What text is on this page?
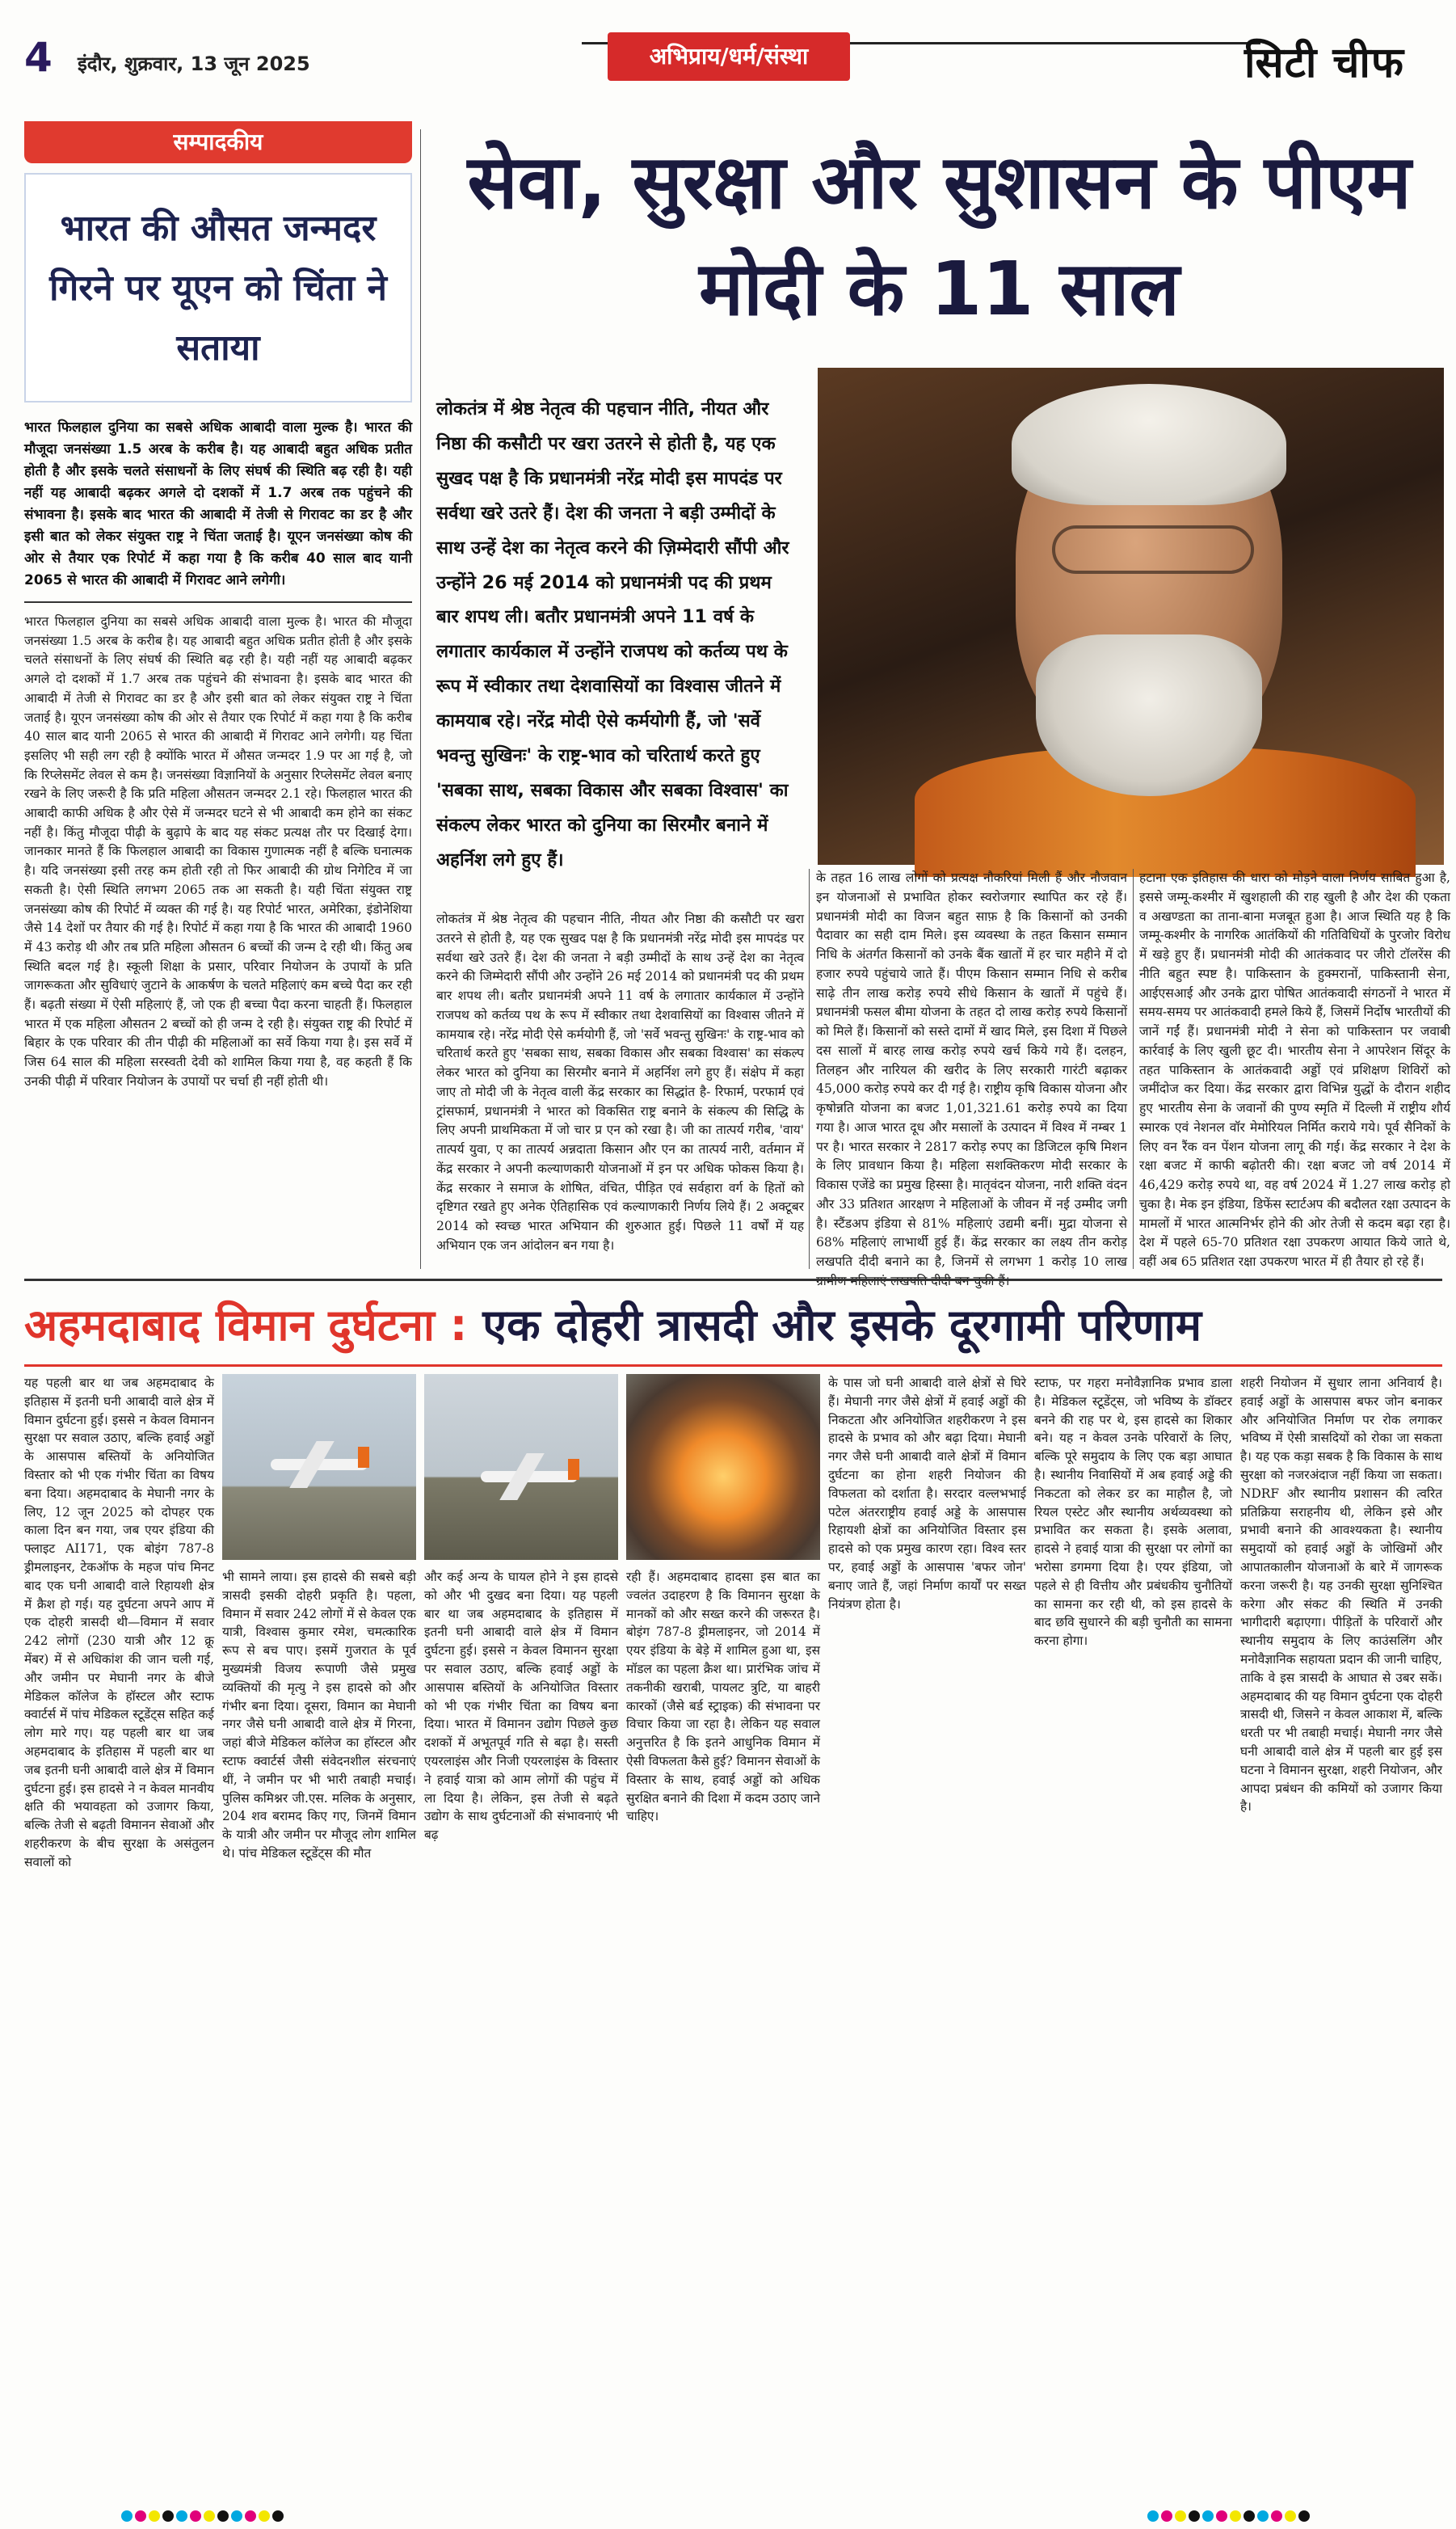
4 इंदौर, शुक्रवार, 13 जून 2025	अभिप्राय/धर्म/संस्था	सिटी चीफ
सम्पादकीय
भारत की औसत जन्मदर गिरने पर यूएन को चिंता ने सताया
भारत फिलहाल दुनिया का सबसे अधिक आबादी वाला मुल्क है। भारत की मौजूदा जनसंख्या 1.5 अरब के करीब है। यह आबादी बहुत अधिक प्रतीत होती है और इसके चलते संसाधनों के लिए संघर्ष की स्थिति बढ़ रही है। यही नहीं यह आबादी बढ़कर अगले दो दशकों में 1.7 अरब तक पहुंचने की संभावना है। इसके बाद भारत की आबादी में तेजी से गिरावट का डर है और इसी बात को लेकर संयुक्त राष्ट्र ने चिंता जताई है। यूएन जनसंख्या कोष की ओर से तैयार एक रिपोर्ट में कहा गया है कि करीब 40 साल बाद यानी 2065 से भारत की आबादी में गिरावट आने लगेगी।
भारत फिलहाल दुनिया का सबसे अधिक आबादी वाला मुल्क है। भारत की मौजूदा जनसंख्या 1.5 अरब के करीब है। यह आबादी बहुत अधिक प्रतीत होती है और इसके चलते संसाधनों के लिए संघर्ष की स्थिति बढ़ रही है। यही नहीं यह आबादी बढ़कर अगले दो दशकों में 1.7 अरब तक पहुंचने की संभावना है। इसके बाद भारत की आबादी में तेजी से गिरावट का डर है और इसी बात को लेकर संयुक्त राष्ट्र ने चिंता जताई है। यूएन जनसंख्या कोष की ओर से तैयार एक रिपोर्ट में कहा गया है कि करीब 40 साल बाद यानी 2065 से भारत की आबादी में गिरावट आने लगेगी। यह चिंता इसलिए भी सही लग रही है क्योंकि भारत में औसत जन्मदर 1.9 पर आ गई है, जो कि रिप्लेसमेंट लेवल से कम है। जनसंख्या विज्ञानियों के अनुसार रिप्लेसमेंट लेवल बनाए रखने के लिए जरूरी है कि प्रति महिला औसतन जन्मदर 2.1 रहे। फिलहाल भारत की आबादी काफी अधिक है और ऐसे में जन्मदर घटने से भी आबादी कम होने का संकट नहीं है। किंतु मौजूदा पीढ़ी के बुढ़ापे के बाद यह संकट प्रत्यक्ष तौर पर दिखाई देगा। जानकार मानते हैं कि फिलहाल आबादी का विकास गुणात्मक नहीं है बल्कि घनात्मक है। यदि जनसंख्या इसी तरह कम होती रही तो फिर आबादी की ग्रोथ निगेटिव में जा सकती है। ऐसी स्थिति लगभग 2065 तक आ सकती है। यही चिंता संयुक्त राष्ट्र जनसंख्या कोष की रिपोर्ट में व्यक्त की गई है। यह रिपोर्ट भारत, अमेरिका, इंडोनेशिया जैसे 14 देशों पर तैयार की गई है। रिपोर्ट में कहा गया है कि भारत की आबादी 1960 में 43 करोड़ थी और तब प्रति महिला औसतन 6 बच्चों की जन्म दे रही थी। किंतु अब स्थिति बदल गई है। स्कूली शिक्षा के प्रसार, परिवार नियोजन के उपायों के प्रति जागरूकता और सुविधाएं जुटाने के आकर्षण के चलते महिलाएं कम बच्चे पैदा कर रही हैं। बढ़ती संख्या में ऐसी महिलाएं हैं, जो एक ही बच्चा पैदा करना चाहती हैं। फिलहाल भारत में एक महिला औसतन 2 बच्चों को ही जन्म दे रही है। संयुक्त राष्ट्र की रिपोर्ट में बिहार के एक परिवार की तीन पीढ़ी की महिलाओं का सर्वे किया गया है। इस सर्वे में जिस 64 साल की महिला सरस्वती देवी को शामिल किया गया है, वह कहती हैं कि उनकी पीढ़ी में परिवार नियोजन के उपायों पर चर्चा ही नहीं होती थी।
सेवा, सुरक्षा और सुशासन के पीएम मोदी के 11 साल
लोकतंत्र में श्रेष्ठ नेतृत्व की पहचान नीति, नीयत और निष्ठा की कसौटी पर खरा उतरने से होती है, यह एक सुखद पक्ष है कि प्रधानमंत्री नरेंद्र मोदी इस मापदंड पर सर्वथा खरे उतरे हैं। देश की जनता ने बड़ी उम्मीदों के साथ उन्हें देश का नेतृत्व करने की ज़िम्मेदारी सौंपी और उन्होंने 26 मई 2014 को प्रधानमंत्री पद की प्रथम बार शपथ ली। बतौर प्रधानमंत्री अपने 11 वर्ष के लगातार कार्यकाल में उन्होंने राजपथ को कर्तव्य पथ के रूप में स्वीकार तथा देशवासियों का विश्वास जीतने में कामयाब रहे। नरेंद्र मोदी ऐसे कर्मयोगी हैं, जो 'सर्वे भवन्तु सुखिनः' के राष्ट्र-भाव को चरितार्थ करते हुए 'सबका साथ, सबका विकास और सबका विश्वास' का संकल्प लेकर भारत को दुनिया का सिरमौर बनाने में अहर्निश लगे हुए हैं।
लोकतंत्र में श्रेष्ठ नेतृत्व की पहचान नीति, नीयत और निष्ठा की कसौटी पर खरा उतरने से होती है, यह एक सुखद पक्ष है कि प्रधानमंत्री नरेंद्र मोदी इस मापदंड पर सर्वथा खरे उतरे हैं। देश की जनता ने बड़ी उम्मीदों के साथ उन्हें देश का नेतृत्व करने की जिम्मेदारी सौंपी और उन्होंने 26 मई 2014 को प्रधानमंत्री पद की प्रथम बार शपथ ली। बतौर प्रधानमंत्री अपने 11 वर्ष के लगातार कार्यकाल में उन्होंने राजपथ को कर्तव्य पथ के रूप में स्वीकार तथा देशवासियों का विश्वास जीतने में कामयाब रहे। नरेंद्र मोदी ऐसे कर्मयोगी हैं, जो 'सर्वे भवन्तु सुखिनः' के राष्ट्र-भाव को चरितार्थ करते हुए 'सबका साथ, सबका विकास और सबका विश्वास' का संकल्प लेकर भारत को दुनिया का सिरमौर बनाने में अहर्निश लगे हुए हैं। संक्षेप में कहा जाए तो मोदी जी के नेतृत्व वाली केंद्र सरकार का सिद्धांत है- रिफार्म, परफार्म एवं ट्रांसफार्म, प्रधानमंत्री ने भारत को विकसित राष्ट्र बनाने के संकल्प की सिद्धि के लिए अपनी प्राथमिकता में जो चार प्र एन को रखा है। जी का तात्पर्य गरीब, 'वाय' तात्पर्य युवा, ए का तात्पर्य अन्नदाता किसान और एन का तात्पर्य नारी, वर्तमान में केंद्र सरकार ने अपनी कल्याणकारी योजनाओं में इन पर अधिक फोकस किया है। केंद्र सरकार ने समाज के शोषित, वंचित, पीड़ित एवं सर्वहारा वर्ग के हितों को दृष्टिगत रखते हुए अनेक ऐतिहासिक एवं कल्याणकारी निर्णय लिये हैं। 2 अक्टूबर 2014 को स्वच्छ भारत अभियान की शुरुआत हुई। पिछले 11 वर्षों में यह अभियान एक जन आंदोलन बन गया है।
के तहत 16 लाख लोगों को प्रत्यक्ष नौकरियां मिली हैं और नौजवान इन योजनाओं से प्रभावित होकर स्वरोजगार स्थापित कर रहे हैं। प्रधानमंत्री मोदी का विजन बहुत साफ़ है कि किसानों को उनकी पैदावार का सही दाम मिले। इस व्यवस्था के तहत किसान सम्मान निधि के अंतर्गत किसानों को उनके बैंक खातों में हर चार महीने में दो हजार रुपये पहुंचाये जाते हैं। पीएम किसान सम्मान निधि से करीब साढ़े तीन लाख करोड़ रुपये सीधे किसान के खातों में पहुंचे हैं। प्रधानमंत्री फसल बीमा योजना के तहत दो लाख करोड़ रुपये किसानों को मिले हैं। किसानों को सस्ते दामों में खाद मिले, इस दिशा में पिछले दस सालों में बारह लाख करोड़ रुपये खर्च किये गये हैं। दलहन, तिलहन और नारियल की खरीद के लिए सरकारी गारंटी बढ़ाकर 45,000 करोड़ रुपये कर दी गई है। राष्ट्रीय कृषि विकास योजना और कृषोन्नति योजना का बजट 1,01,321.61 करोड़ रुपये का दिया गया है। आज भारत दूध और मसालों के उत्पादन में विश्व में नम्बर 1 पर है। भारत सरकार ने 2817 करोड़ रुपए का डिजिटल कृषि मिशन के लिए प्रावधान किया है। महिला सशक्तिकरण मोदी सरकार के विकास एजेंडे का प्रमुख हिस्सा है। मातृवंदन योजना, नारी शक्ति वंदन और 33 प्रतिशत आरक्षण ने महिलाओं के जीवन में नई उम्मीद जगी है। स्टैंडअप इंडिया से 81% महिलाएं उद्यमी बनीं। मुद्रा योजना से 68% महिलाएं लाभार्थी हुई हैं। केंद्र सरकार का लक्ष्य तीन करोड़ लखपति दीदी बनाने का है, जिनमें से लगभग 1 करोड़ 10 लाख
हटाना एक इतिहास की धारा को मोड़ने वाला निर्णय साबित हुआ है, इससे जम्मू-कश्मीर में खुशहाली की राह खुली है और देश की एकता व अखण्डता का ताना-बाना मजबूत हुआ है। आज स्थिति यह है कि जम्मू-कश्मीर के नागरिक आतंकियों की गतिविधियों के पुरजोर विरोध में खड़े हुए हैं। प्रधानमंत्री मोदी की आतंकवाद पर जीरो टॉलरेंस की नीति बहुत स्पष्ट है। पाकिस्तान के हुक्मरानों, पाकिस्तानी सेना, आईएसआई और उनके द्वारा पोषित आतंकवादी संगठनों ने भारत में समय-समय पर आतंकवादी हमले किये हैं, जिसमें निर्दोष भारतीयों की जानें गईं हैं। प्रधानमंत्री मोदी ने सेना को पाकिस्तान पर जवाबी कार्रवाई के लिए खुली छूट दी। भारतीय सेना ने आपरेशन सिंदूर के तहत पाकिस्तान के आतंकवादी अड्डों एवं प्रशिक्षण शिविरों को जमींदोज कर दिया। केंद्र सरकार द्वारा विभिन्न युद्धों के दौरान शहीद हुए भारतीय सेना के जवानों की पुण्य स्मृति में दिल्ली में राष्ट्रीय शौर्य स्मारक एवं नेशनल वॉर मेमोरियल निर्मित कराये गये। पूर्व सैनिकों के लिए वन रैंक वन पेंशन योजना लागू की गई। केंद्र सरकार ने देश के रक्षा बजट में काफी बढ़ोतरी की। रक्षा बजट जो वर्ष 2014 में 46,429 करोड़ रुपये था, वह वर्ष 2024 में 1.27 लाख करोड़ हो चुका है। मेक इन इंडिया, डिफेंस स्टार्टअप की बदौलत रक्षा उत्पादन के मामलों में भारत आत्मनिर्भर होने की ओर तेजी से कदम बढ़ा रहा है। देश में पहले 65-70 प्रतिशत रक्षा उपकरण आयात किये जाते थे, वहीं अब 65 प्रतिशत रक्षा उपकरण भारत में ही तैयार हो रहे हैं।
अहमदाबाद विमान दुर्घटना : एक दोहरी त्रासदी और इसके दूरगामी परिणाम
यह पहली बार था जब अहमदाबाद के इतिहास में इतनी घनी आबादी वाले क्षेत्र में विमान दुर्घटना हुई। इससे न केवल विमानन सुरक्षा पर सवाल उठाए, बल्कि हवाई अड्डों के आसपास बस्तियों के अनियोजित विस्तार को भी एक गंभीर चिंता का विषय बना दिया। अहमदाबाद के मेघानी नगर के लिए, 12 जून 2025 को दोपहर एक काला दिन बन गया, जब एयर इंडिया की फ्लाइट AI171, एक बोइंग 787-8 ड्रीमलाइनर, टेकऑफ के महज पांच मिनट बाद एक घनी आबादी वाले रिहायशी क्षेत्र में क्रैश हो गई। यह दुर्घटना अपने आप में एक दोहरी त्रासदी थी—विमान में सवार 242 लोगों (230 यात्री और 12 क्रू मेंबर) में से अधिकांश की जान चली गई, और जमीन पर मेघानी नगर के बीजे मेडिकल कॉलेज के हॉस्टल और स्टाफ क्वार्टर्स में पांच मेडिकल स्टूडेंट्स सहित कई लोग मारे गए। यह पहली बार था जब अहमदाबाद के इतिहास में पहली बार था जब इतनी घनी आबादी वाले क्षेत्र में विमान दुर्घटना हुई। इस हादसे ने न केवल मानवीय क्षति की भयावहता को उजागर किया, बल्कि तेजी से बढ़ती विमानन सेवाओं और शहरीकरण के बीच सुरक्षा के असंतुलन सवालों को
भी सामने लाया। इस हादसे की सबसे बड़ी त्रासदी इसकी दोहरी प्रकृति है। पहला, विमान में सवार 242 लोगों में से केवल एक यात्री, विश्वास कुमार रमेश, चमत्कारिक रूप से बच पाए। इसमें गुजरात के पूर्व मुख्यमंत्री विजय रूपाणी जैसे प्रमुख व्यक्तियों की मृत्यु ने इस हादसे को और गंभीर बना दिया। दूसरा, विमान का मेघानी नगर जैसे घनी आबादी वाले क्षेत्र में गिरना, जहां बीजे मेडिकल कॉलेज का हॉस्टल और स्टाफ क्वार्टर्स जैसी संवेदनशील संरचनाएं थीं, ने जमीन पर भी भारी तबाही मचाई। पुलिस कमिश्नर जी.एस. मलिक के अनुसार, 204 शव बरामद किए गए, जिनमें विमान के यात्री और जमीन पर मौजूद लोग शामिल थे। पांच मेडिकल स्टूडेंट्स की मौत
और कई अन्य के घायल होने ने इस हादसे को और भी दुखद बना दिया। यह पहली बार था जब अहमदाबाद के इतिहास में इतनी घनी आबादी वाले क्षेत्र में विमान दुर्घटना हुई। इससे न केवल विमानन सुरक्षा पर सवाल उठाए, बल्कि हवाई अड्डों के आसपास बस्तियों के अनियोजित विस्तार को भी एक गंभीर चिंता का विषय बना दिया। भारत में विमानन उद्योग पिछले कुछ दशकों में अभूतपूर्व गति से बढ़ा है। सस्ती एयरलाइंस और निजी एयरलाइंस के विस्तार ने हवाई यात्रा को आम लोगों की पहुंच में ला दिया है। लेकिन, इस तेजी से बढ़ते उद्योग के साथ दुर्घटनाओं की संभावनाएं भी बढ़
रही हैं। अहमदाबाद हादसा इस बात का ज्वलंत उदाहरण है कि विमानन सुरक्षा के मानकों को और सख्त करने की जरूरत है। बोइंग 787-8 ड्रीमलाइनर, जो 2014 में एयर इंडिया के बेड़े में शामिल हुआ था, इस मॉडल का पहला क्रैश था। प्रारंभिक जांच में तकनीकी खराबी, पायलट त्रुटि, या बाहरी कारकों (जैसे बर्ड स्ट्राइक) की संभावना पर विचार किया जा रहा है। लेकिन यह सवाल अनुत्तरित है कि इतने आधुनिक विमान में ऐसी विफलता कैसे हुई? विमानन सेवाओं के विस्तार के साथ, हवाई अड्डों को अधिक सुरक्षित बनाने की दिशा में कदम उठाए जाने चाहिए।
के पास जो घनी आबादी वाले क्षेत्रों से घिरे हैं। मेघानी नगर जैसे क्षेत्रों में हवाई अड्डों की निकटता और अनियोजित शहरीकरण ने इस हादसे के प्रभाव को और बढ़ा दिया। मेघानी नगर जैसे घनी आबादी वाले क्षेत्रों में विमान दुर्घटना का होना शहरी नियोजन की विफलता को दर्शाता है। सरदार वल्लभभाई पटेल अंतरराष्ट्रीय हवाई अड्डे के आसपास रिहायशी क्षेत्रों का अनियोजित विस्तार इस हादसे को एक प्रमुख कारण रहा। विश्व स्तर पर, हवाई अड्डों के आसपास 'बफर जोन' बनाए जाते हैं, जहां निर्माण कार्यों पर सख्त नियंत्रण होता है।
स्टाफ, पर गहरा मनोवैज्ञानिक प्रभाव डाला है। मेडिकल स्टूडेंट्स, जो भविष्य के डॉक्टर बनने की राह पर थे, इस हादसे का शिकार बने। यह न केवल उनके परिवारों के लिए, बल्कि पूरे समुदाय के लिए एक बड़ा आघात है। स्थानीय निवासियों में अब हवाई अड्डे की निकटता को लेकर डर का माहौल है, जो रियल एस्टेट और स्थानीय अर्थव्यवस्था को प्रभावित कर सकता है। इसके अलावा, हादसे ने हवाई यात्रा की सुरक्षा पर लोगों का भरोसा डगमगा दिया है। एयर इंडिया, जो पहले से ही वित्तीय और प्रबंधकीय चुनौतियों का सामना कर रही थी, को इस हादसे के बाद छवि सुधारने की बड़ी चुनौती का सामना करना होगा।
शहरी नियोजन में सुधार लाना अनिवार्य है। हवाई अड्डों के आसपास बफर जोन बनाकर और अनियोजित निर्माण पर रोक लगाकर भविष्य में ऐसी त्रासदियों को रोका जा सकता है। यह एक कड़ा सबक है कि विकास के साथ सुरक्षा को नजरअंदाज नहीं किया जा सकता। NDRF और स्थानीय प्रशासन की त्वरित प्रतिक्रिया सराहनीय थी, लेकिन इसे और प्रभावी बनाने की आवश्यकता है। स्थानीय समुदायों को हवाई अड्डों के जोखिमों और आपातकालीन योजनाओं के बारे में जागरूक करना जरूरी है। यह उनकी सुरक्षा सुनिश्चित करेगा और संकट की स्थिति में उनकी भागीदारी बढ़ाएगा। पीड़ितों के परिवारों और स्थानीय समुदाय के लिए काउंसलिंग और मनोवैज्ञानिक सहायता प्रदान की जानी चाहिए, ताकि वे इस त्रासदी के आघात से उबर सकें। अहमदाबाद की यह विमान दुर्घटना एक दोहरी त्रासदी थी, जिसने न केवल आकाश में, बल्कि धरती पर भी तबाही मचाई। मेघानी नगर जैसे घनी आबादी वाले क्षेत्र में पहली बार हुई इस घटना ने विमानन सुरक्षा, शहरी नियोजन, और आपदा प्रबंधन की कमियों को उजागर किया है।
